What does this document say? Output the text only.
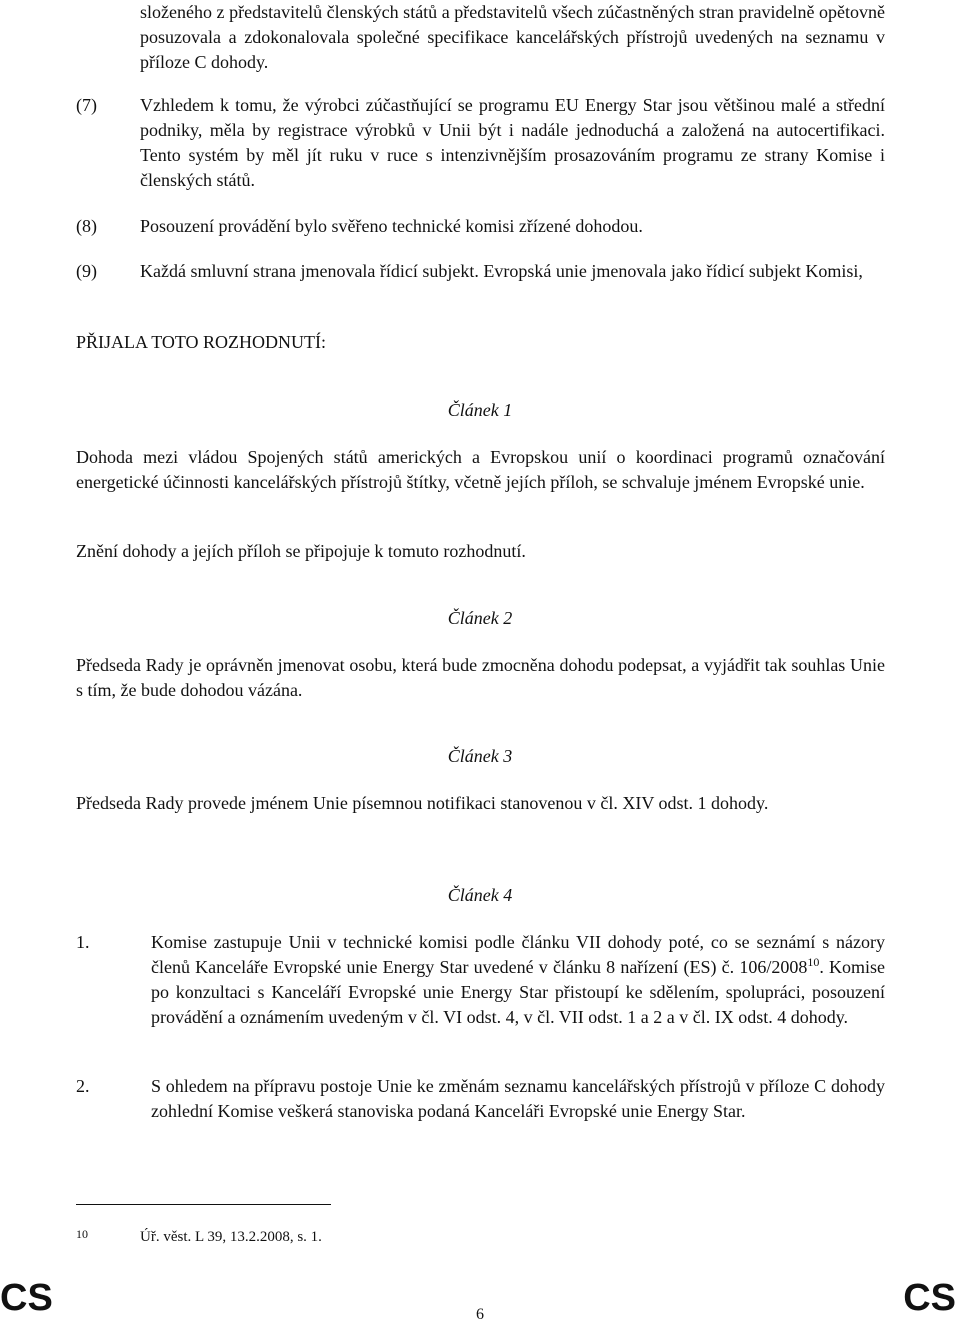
složeného z představitelů členských států a představitelů všech zúčastněných stran pravidelně opětovně posuzovala a zdokonalovala společné specifikace kancelářských přístrojů uvedených na seznamu v příloze C dohody.
(7) Vzhledem k tomu, že výrobci zúčastňující se programu EU Energy Star jsou většinou malé a střední podniky, měla by registrace výrobků v Unii být i nadále jednoduchá a založená na autocertifikaci. Tento systém by měl jít ruku v ruce s intenzivnějším prosazováním programu ze strany Komise i členských států.
(8) Posouzení provádění bylo svěřeno technické komisi zřízené dohodou.
(9) Každá smluvní strana jmenovala řídicí subjekt. Evropská unie jmenovala jako řídicí subjekt Komisi,
PŘIJALA TOTO ROZHODNUTÍ:
Článek 1
Dohoda mezi vládou Spojených států amerických a Evropskou unií o koordinaci programů označování energetické účinnosti kancelářských přístrojů štítky, včetně jejích příloh, se schvaluje jménem Evropské unie.
Znění dohody a jejích příloh se připojuje k tomuto rozhodnutí.
Článek 2
Předseda Rady je oprávněn jmenovat osobu, která bude zmocněna dohodu podepsat, a vyjádřit tak souhlas Unie s tím, že bude dohodou vázána.
Článek 3
Předseda Rady provede jménem Unie písemnou notifikaci stanovenou v čl. XIV odst. 1 dohody.
Článek 4
1.	Komise zastupuje Unii v technické komisi podle článku VII dohody poté, co se seznámí s názory členů Kanceláře Evropské unie Energy Star uvedené v článku 8 nařízení (ES) č. 106/2008$^{10}$. Komise po konzultaci s Kanceláří Evropské unie Energy Star přistoupí ke sdělením, spolupráci, posouzení provádění a oznámením uvedeným v čl. VI odst. 4, v čl. VII odst. 1 a 2 a v čl. IX odst. 4 dohody.
2.	S ohledem na přípravu postoje Unie ke změnám seznamu kancelářských přístrojů v příloze C dohody zohlední Komise veškerá stanoviska podaná Kanceláři Evropské unie Energy Star.
10	Úř. věst. L 39, 13.2.2008, s. 1.
CS	CS
6
